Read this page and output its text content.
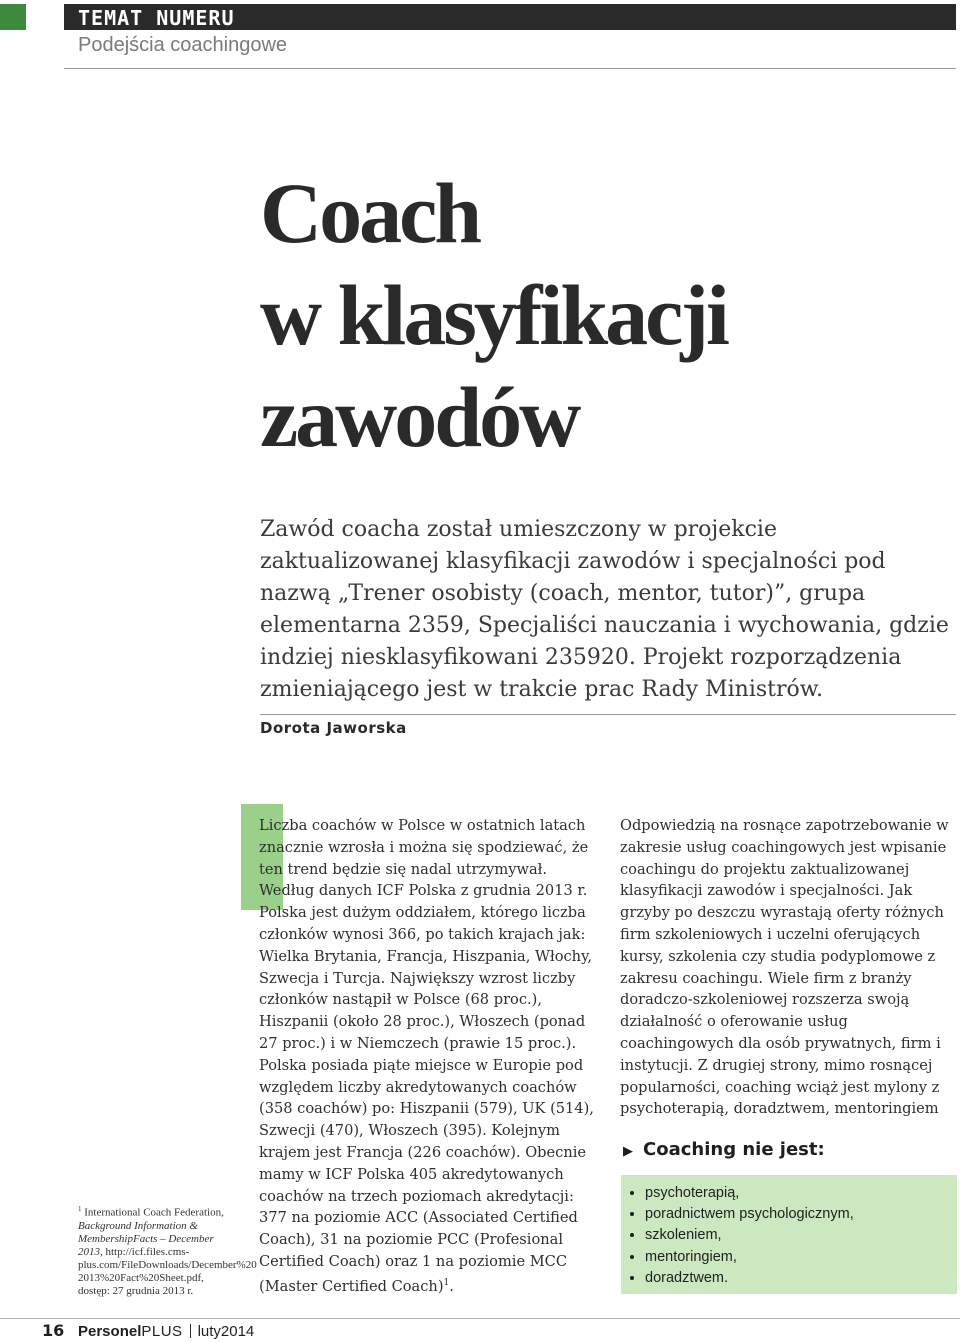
TEMAT NUMERU
Podejścia coachingowe
Coach
w klasyfikacji
zawodów

Zawód coacha został umieszczony w projekcie zaktualizowanej klasyfikacji zawodów i specjalności pod nazwą „Trener osobisty (coach, mentor, tutor)”, grupa elementarna 2359, Specjaliści nauczania i wychowania, gdzie indziej niesklasyfikowani 235920. Projekt rozporządzenia zmieniającego jest w trakcie prac Rady Ministrów.

Dorota Jaworska

Liczba coachów w Polsce w ostatnich latach znacznie wzrosła i można się spodziewać, że ten trend będzie się nadal utrzymywał. Według danych ICF Polska z grudnia 2013 r. Polska jest dużym oddziałem, którego liczba członków wynosi 366, po takich krajach jak: Wielka Brytania, Francja, Hiszpania, Włochy, Szwecja i Turcja. Największy wzrost liczby członków nastąpił w Polsce (68 proc.), Hiszpanii (około 28 proc.), Włoszech (ponad 27 proc.) i w Niemczech (prawie 15 proc.). Polska posiada piąte miejsce w Europie pod względem liczby akredytowanych coachów (358 coachów) po: Hiszpanii (579), UK (514), Szwecji (470), Włoszech (395). Kolejnym krajem jest Francja (226 coachów). Obecnie mamy w ICF Polska 405 akredytowanych coachów na trzech poziomach akredytacji: 377 na poziomie ACC (Associated Certified Coach), 31 na poziomie PCC (Profesional Certified Coach) oraz 1 na poziomie MCC (Master Certified Coach)$^1$.

Odpowiedzią na rosnące zapotrzebowanie w zakresie usług coachingowych jest wpisanie coachingu do projektu zaktualizowanej klasyfikacji zawodów i specjalności. Jak grzyby po deszczu wyrastają oferty różnych firm szkoleniowych i uczelni oferujących kursy, szkolenia czy studia podyplomowe z zakresu coachingu. Wiele firm z branży doradczo-szkoleniowej rozszerza swoją działalność o oferowanie usług coachingowych dla osób prywatnych, firm i instytucji. Z drugiej strony, mimo rosnącej popularności, coaching wciąż jest mylony z psychoterapią, doradztwem, mentoringiem

▶ Coaching nie jest:
• psychoterapią,
• poradnictwem psychologicznym,
• szkoleniem,
• mentoringiem,
• doradztwem.

$^1$ International Coach Federation, Background Information & MembershipFacts – December 2013, http://icf.files.cms-plus.com/FileDownloads/December%20 2013%20Fact%20Sheet.pdf, dostęp: 27 grudnia 2013 r.

16 PersonelPLUS luty2014
